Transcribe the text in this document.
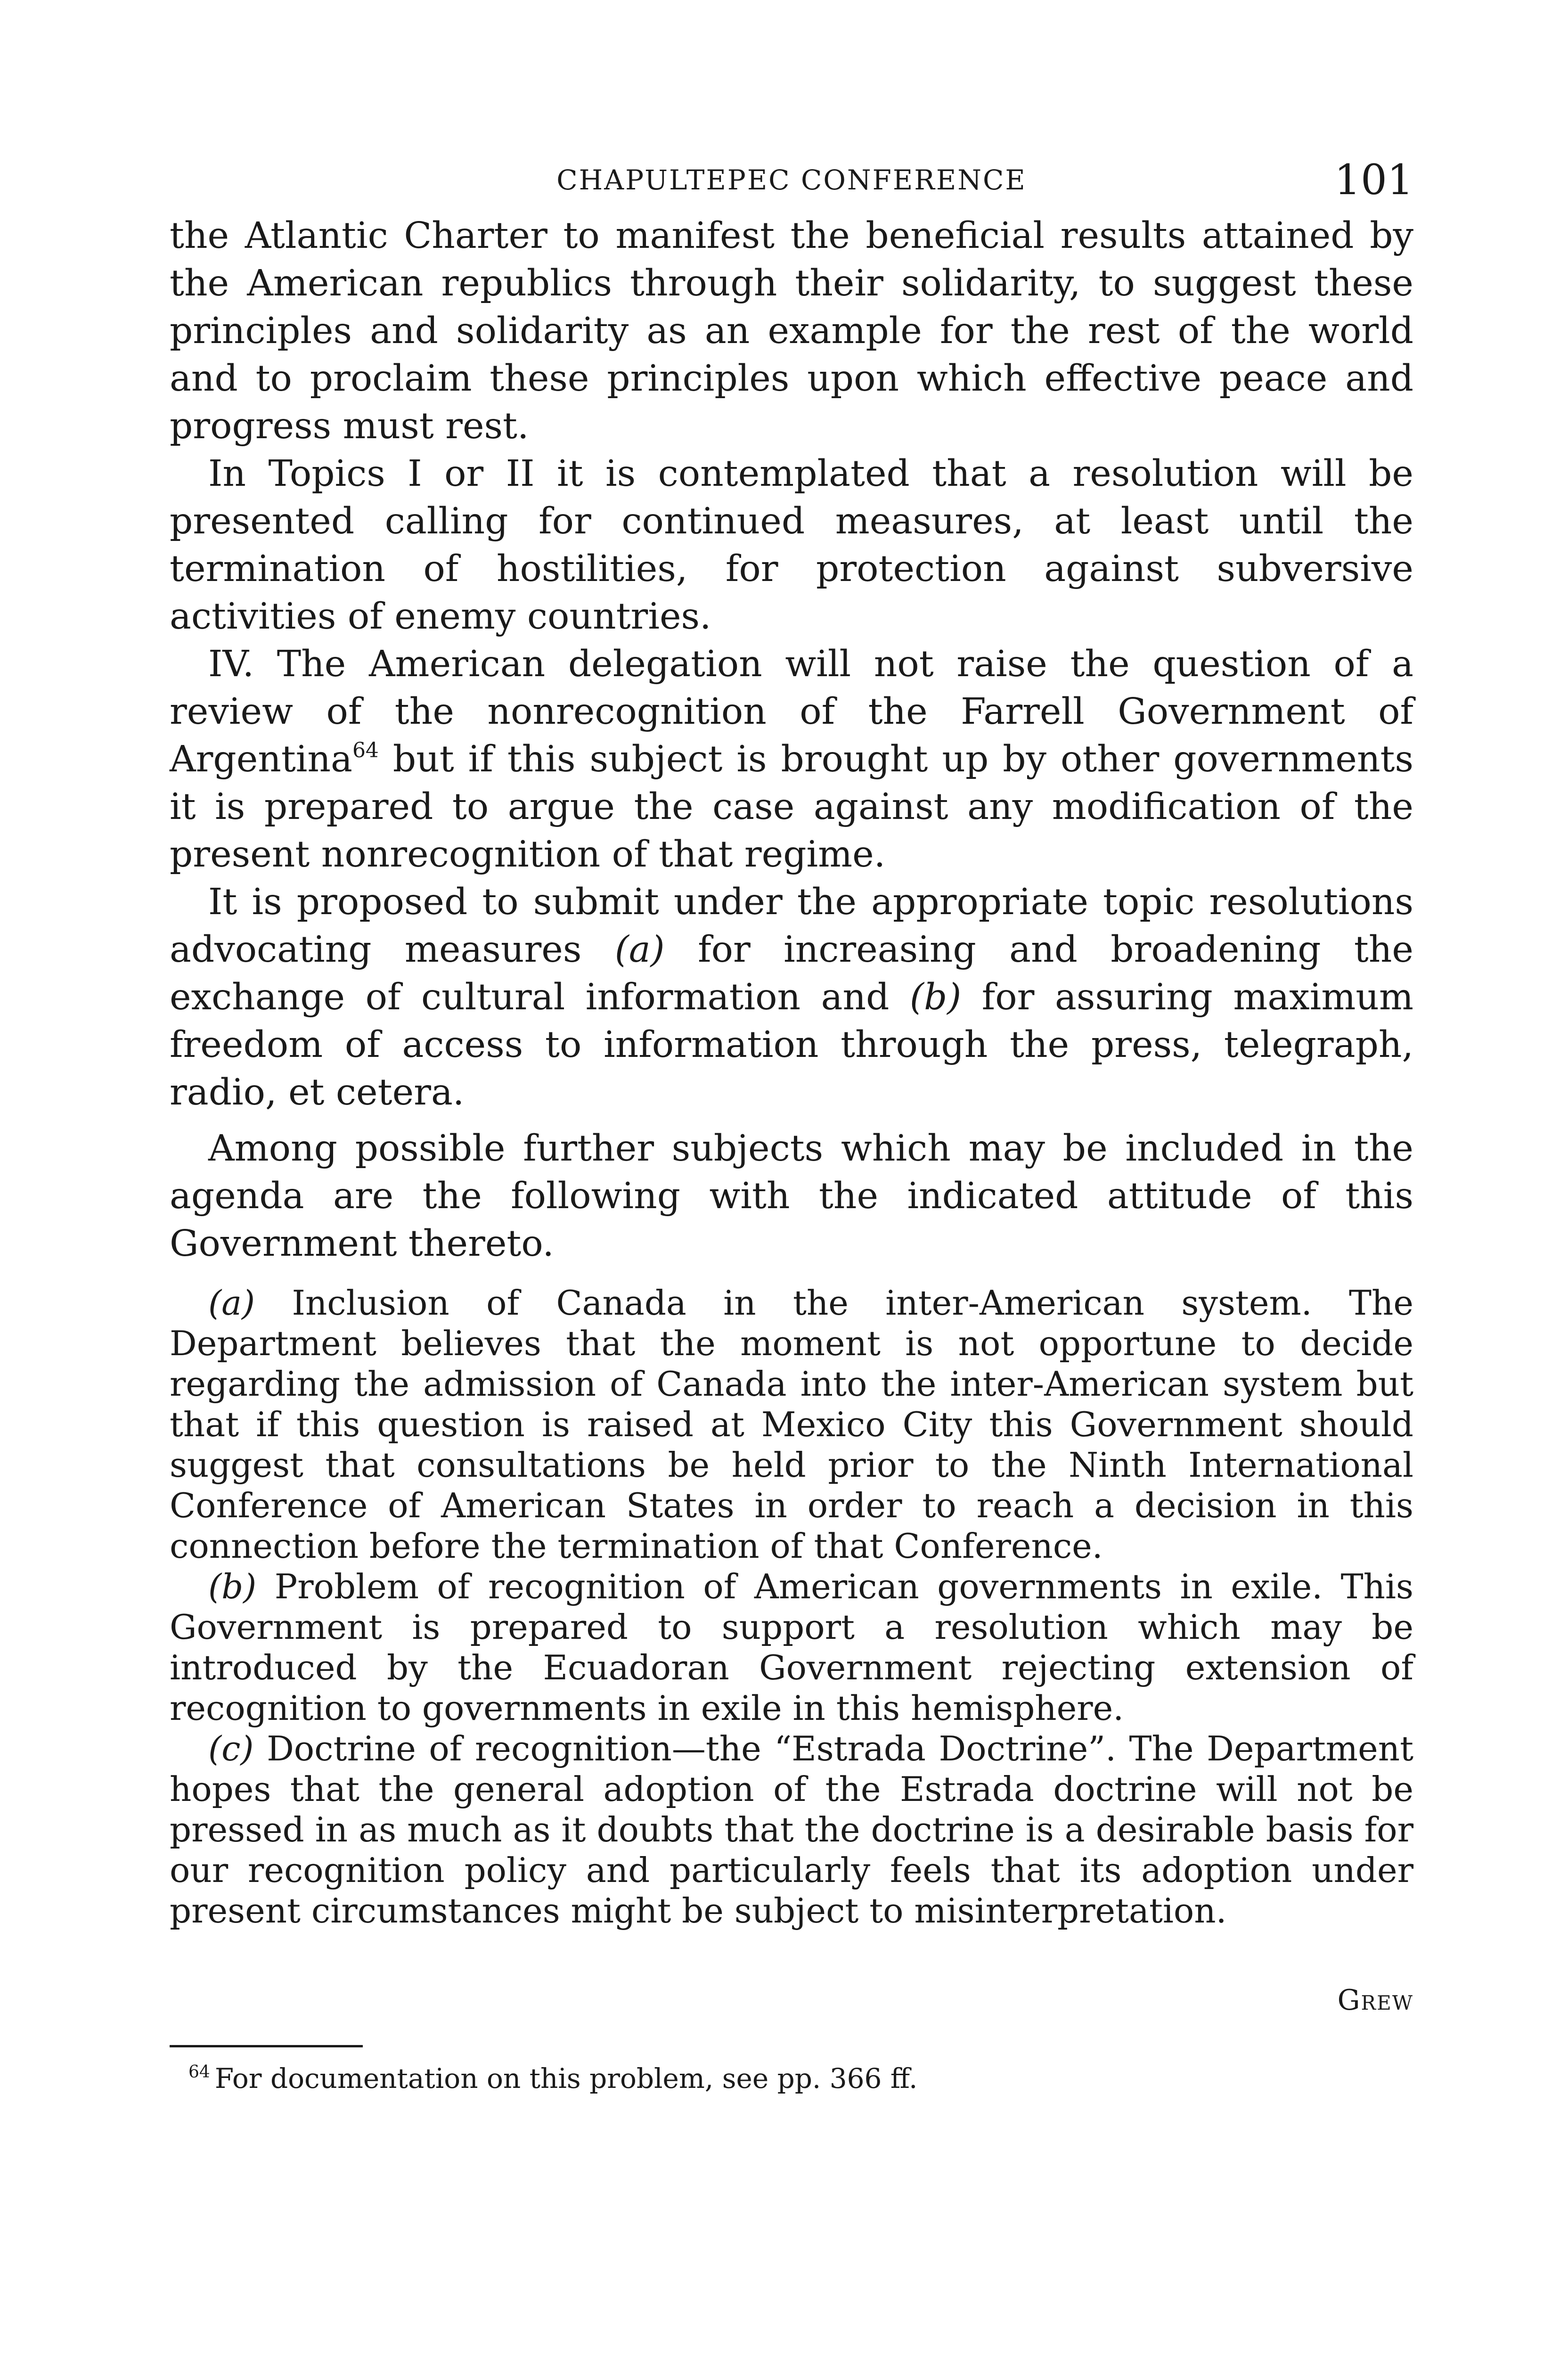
CHAPULTEPEC CONFERENCE	101

the Atlantic Charter to manifest the beneficial results attained by the American republics through their solidarity, to suggest these principles and solidarity as an example for the rest of the world and to proclaim these principles upon which effective peace and progress must rest.

In Topics I or II it is contemplated that a resolution will be presented calling for continued measures, at least until the termination of hostilities, for protection against subversive activities of enemy countries.

IV. The American delegation will not raise the question of a review of the nonrecognition of the Farrell Government of Argentina$^{64}$ but if this subject is brought up by other governments it is prepared to argue the case against any modification of the present nonrecognition of that regime.

It is proposed to submit under the appropriate topic resolutions advocating measures (a) for increasing and broadening the exchange of cultural information and (b) for assuring maximum freedom of access to information through the press, telegraph, radio, et cetera.

Among possible further subjects which may be included in the agenda are the following with the indicated attitude of this Government thereto.

(a) Inclusion of Canada in the inter-American system. The Department believes that the moment is not opportune to decide regarding the admission of Canada into the inter-American system but that if this question is raised at Mexico City this Government should suggest that consultations be held prior to the Ninth International Conference of American States in order to reach a decision in this connection before the termination of that Conference.

(b) Problem of recognition of American governments in exile. This Government is prepared to support a resolution which may be introduced by the Ecuadoran Government rejecting extension of recognition to governments in exile in this hemisphere.

(c) Doctrine of recognition—the “Estrada Doctrine”. The Department hopes that the general adoption of the Estrada doctrine will not be pressed in as much as it doubts that the doctrine is a desirable basis for our recognition policy and particularly feels that its adoption under present circumstances might be subject to misinterpretation.

Grew
$^{64}$ For documentation on this problem, see pp. 366 ff.
